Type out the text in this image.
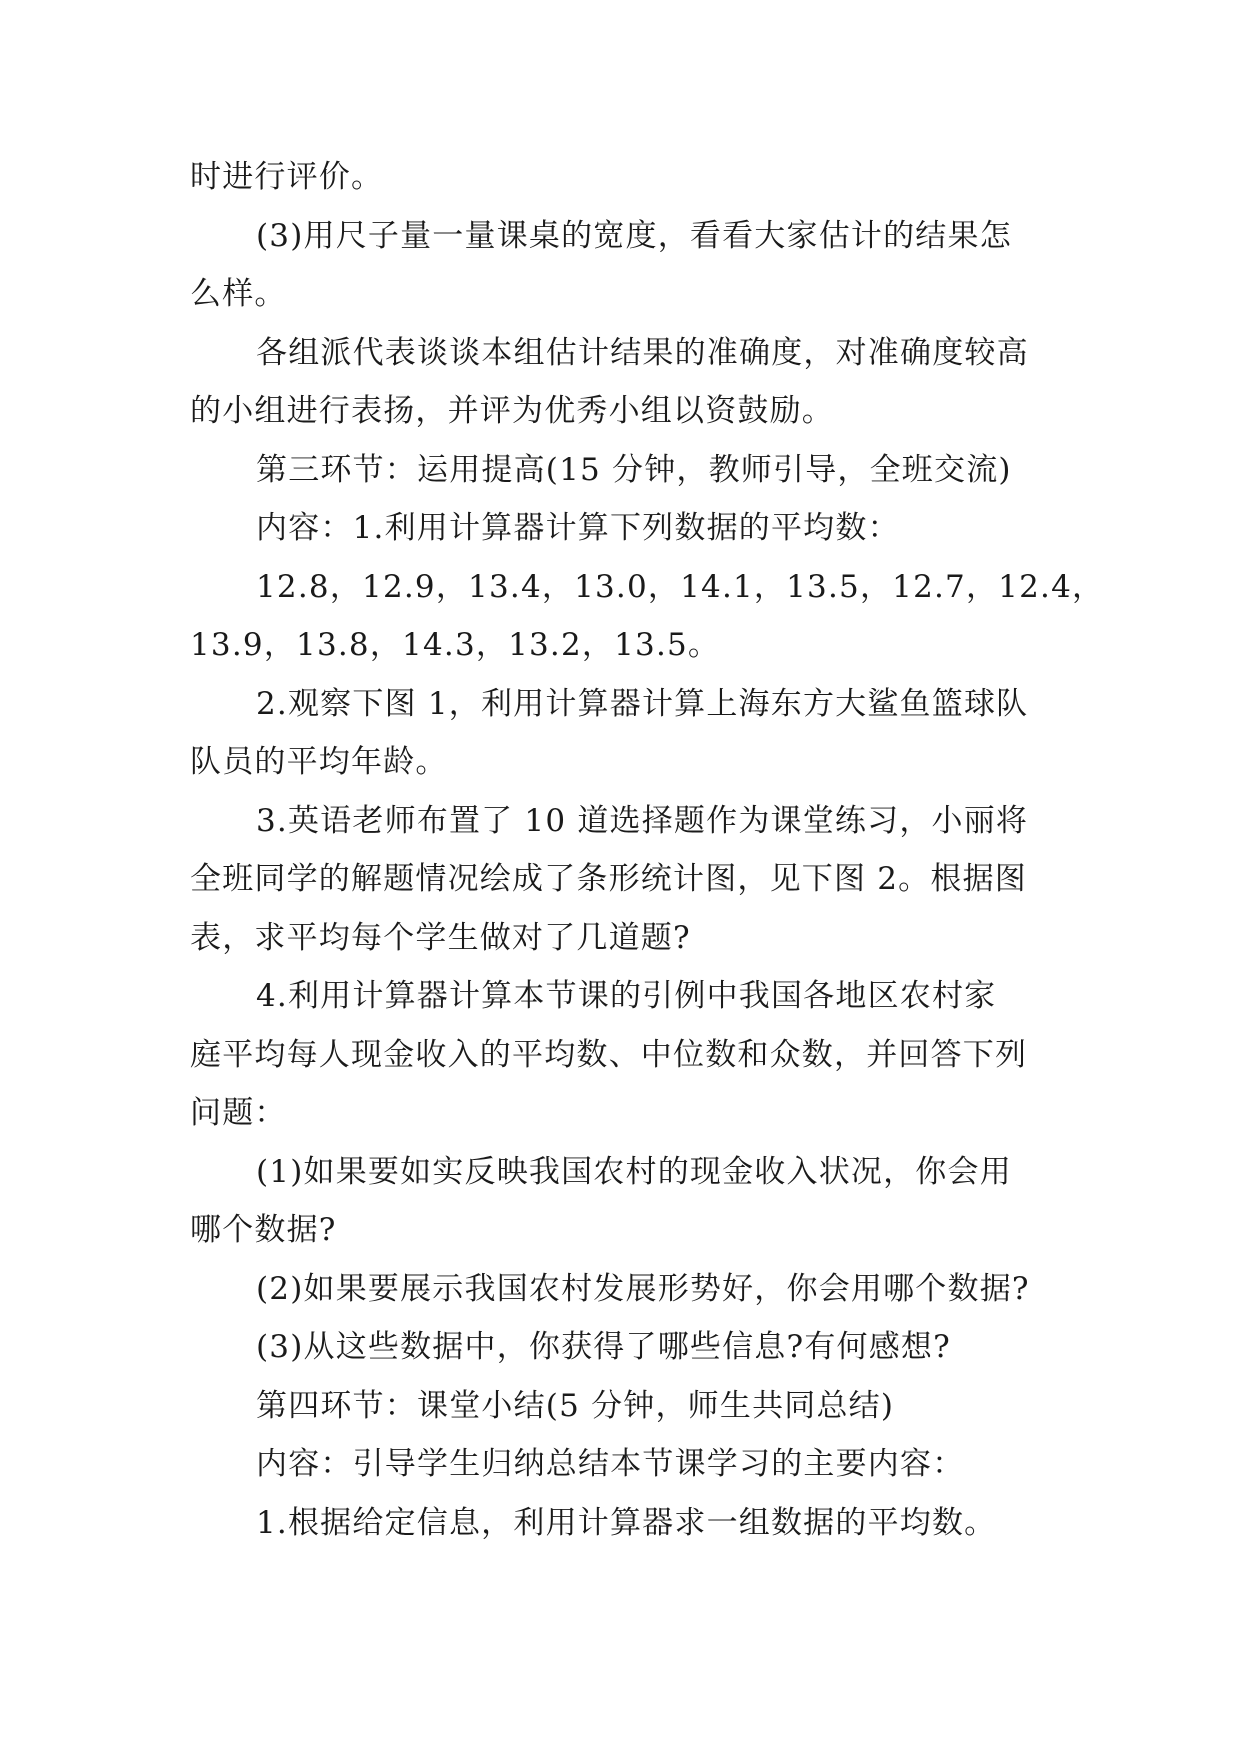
时进行评价。
(3)用尺子量一量课桌的宽度，看看大家估计的结果怎
么样。
各组派代表谈谈本组估计结果的准确度，对准确度较高
的小组进行表扬，并评为优秀小组以资鼓励。
第三环节：运用提高(15 分钟，教师引导，全班交流)
内容：1.利用计算器计算下列数据的平均数：
12.8，12.9，13.4，13.0，14.1，13.5，12.7，12.4，
13.9，13.8，14.3，13.2，13.5。
2.观察下图 1，利用计算器计算上海东方大鲨鱼篮球队
队员的平均年龄。
3.英语老师布置了 10 道选择题作为课堂练习，小丽将
全班同学的解题情况绘成了条形统计图，见下图 2。根据图
表，求平均每个学生做对了几道题?
4.利用计算器计算本节课的引例中我国各地区农村家
庭平均每人现金收入的平均数、中位数和众数，并回答下列
问题：
(1)如果要如实反映我国农村的现金收入状况，你会用
哪个数据?
(2)如果要展示我国农村发展形势好，你会用哪个数据?
(3)从这些数据中，你获得了哪些信息?有何感想?
第四环节：课堂小结(5 分钟，师生共同总结)
内容：引导学生归纳总结本节课学习的主要内容：
1.根据给定信息，利用计算器求一组数据的平均数。
